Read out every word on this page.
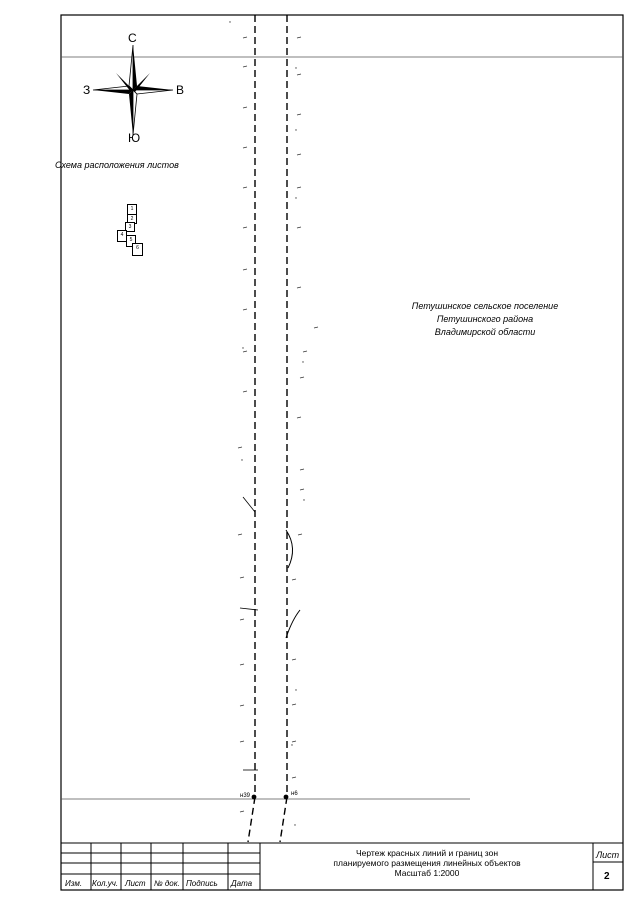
С
Ю
З	В
Схема расположения листов
1
2
3
4
5
6
Петушинское сельское поселение
Петушинского района
Владимирской области
н39	н6
Чертеж красных линий и границ зон
планируемого размещения линейных объектов
Масштаб 1:2000
Лист
2
Изм. Кол.уч. Лист № док. Подпись Дата
